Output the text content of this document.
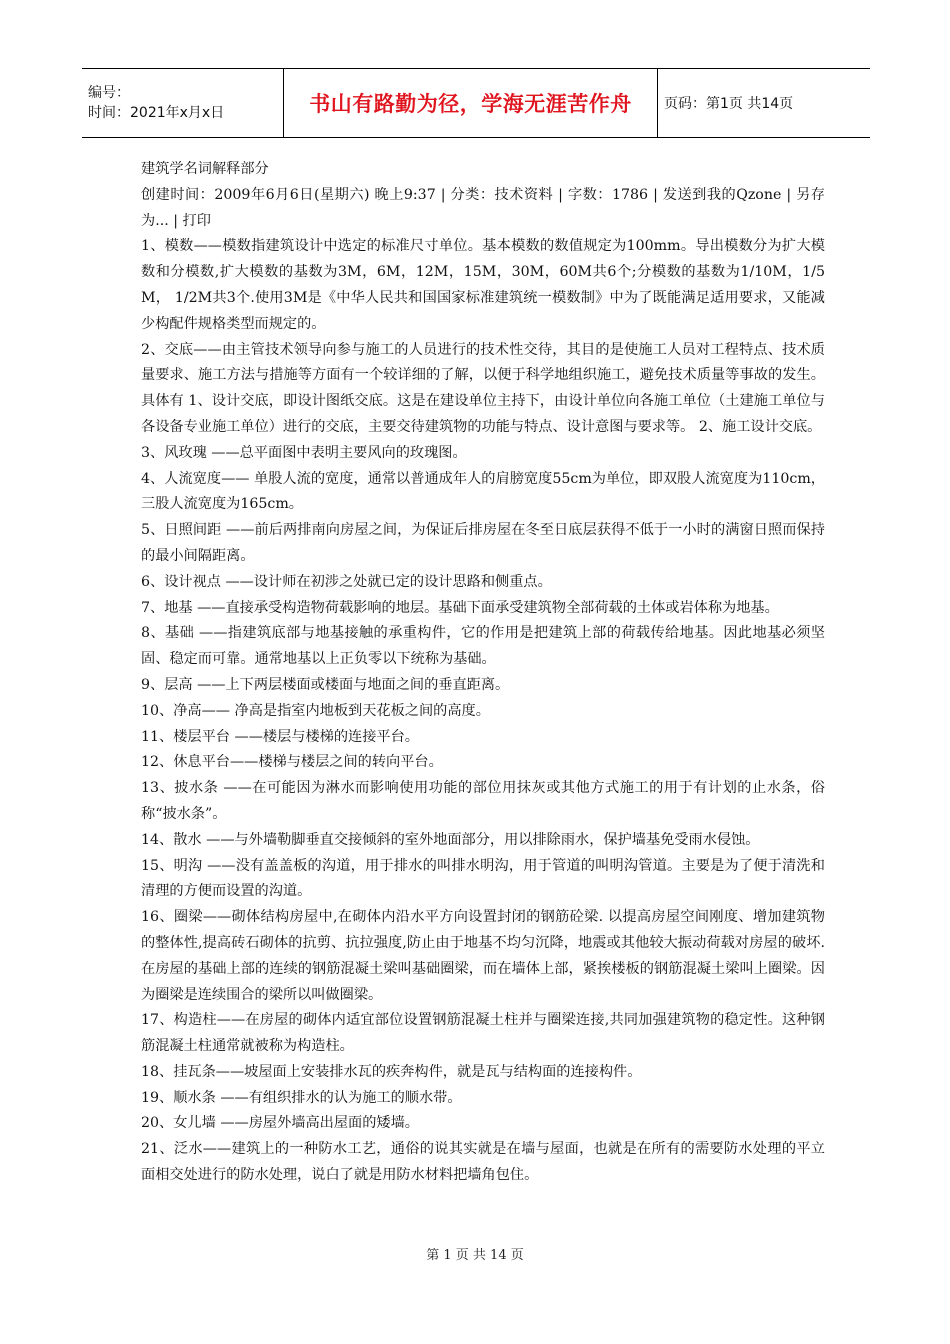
编号：
时间：2021年x月x日	书山有路勤为径，学海无涯苦作舟 页码：第1页 共14页

建筑学名词解释部分

创建时间：2009年6月6日(星期六) 晚上9:37 | 分类：技术资料 | 字数：1786 | 发送到我的Qzone | 另存为... | 打印

1、模数——模数指建筑设计中选定的标准尺寸单位。基本模数的数值规定为100mm。导出模数分为扩大模数和分模数,扩大模数的基数为3M，6M，12M，15M，30M，60M共6个;分模数的基数为1/10M，1/5M， 1/2M共3个.使用3M是《中华人民共和国国家标准建筑统一模数制》中为了既能满足适用要求，又能减少构配件规格类型而规定的。

2、交底——由主管技术领导向参与施工的人员进行的技术性交待，其目的是使施工人员对工程特点、技术质量要求、施工方法与措施等方面有一个较详细的了解，以便于科学地组织施工，避免技术质量等事故的发生。具体有 1、设计交底，即设计图纸交底。这是在建设单位主持下，由设计单位向各施工单位（土建施工单位与各设备专业施工单位）进行的交底，主要交待建筑物的功能与特点、设计意图与要求等。 2、施工设计交底。

3、风玫瑰 ——总平面图中表明主要风向的玫瑰图。

4、人流宽度—— 单股人流的宽度，通常以普通成年人的肩膀宽度55cm为单位，即双股人流宽度为110cm，三股人流宽度为165cm。

5、日照间距 ——前后两排南向房屋之间，为保证后排房屋在冬至日底层获得不低于一小时的满窗日照而保持的最小间隔距离。

6、设计视点 ——设计师在初涉之处就已定的设计思路和侧重点。

7、地基 ——直接承受构造物荷载影响的地层。基础下面承受建筑物全部荷载的土体或岩体称为地基。

8、基础 ——指建筑底部与地基接触的承重构件，它的作用是把建筑上部的荷载传给地基。因此地基必须坚固、稳定而可靠。通常地基以上正负零以下统称为基础。

9、层高 ——上下两层楼面或楼面与地面之间的垂直距离。

10、净高—— 净高是指室内地板到天花板之间的高度。

11、楼层平台 ——楼层与楼梯的连接平台。

12、休息平台——楼梯与楼层之间的转向平台。

13、披水条 ——在可能因为淋水而影响使用功能的部位用抹灰或其他方式施工的用于有计划的止水条，俗称“披水条”。

14、散水 ——与外墙勒脚垂直交接倾斜的室外地面部分，用以排除雨水，保护墙基免受雨水侵蚀。

15、明沟 ——没有盖盖板的沟道，用于排水的叫排水明沟，用于管道的叫明沟管道。主要是为了便于清洗和清理的方便而设置的沟道。

16、圈梁——砌体结构房屋中,在砌体内沿水平方向设置封闭的钢筋砼梁. 以提高房屋空间刚度、增加建筑物的整体性,提高砖石砌体的抗剪、抗拉强度,防止由于地基不均匀沉降，地震或其他较大振动荷载对房屋的破坏.在房屋的基础上部的连续的钢筋混凝土梁叫基础圈梁，而在墙体上部，紧挨楼板的钢筋混凝土梁叫上圈梁。因为圈梁是连续围合的梁所以叫做圈梁。

17、构造柱——在房屋的砌体内适宜部位设置钢筋混凝土柱并与圈梁连接,共同加强建筑物的稳定性。这种钢筋混凝土柱通常就被称为构造柱。

18、挂瓦条——坡屋面上安装排水瓦的疾奔构件，就是瓦与结构面的连接构件。

19、顺水条 ——有组织排水的认为施工的顺水带。

20、女儿墙 ——房屋外墙高出屋面的矮墙。

21、泛水——建筑上的一种防水工艺，通俗的说其实就是在墙与屋面，也就是在所有的需要防水处理的平立面相交处进行的防水处理，说白了就是用防水材料把墙角包住。

第 1 页 共 14 页
